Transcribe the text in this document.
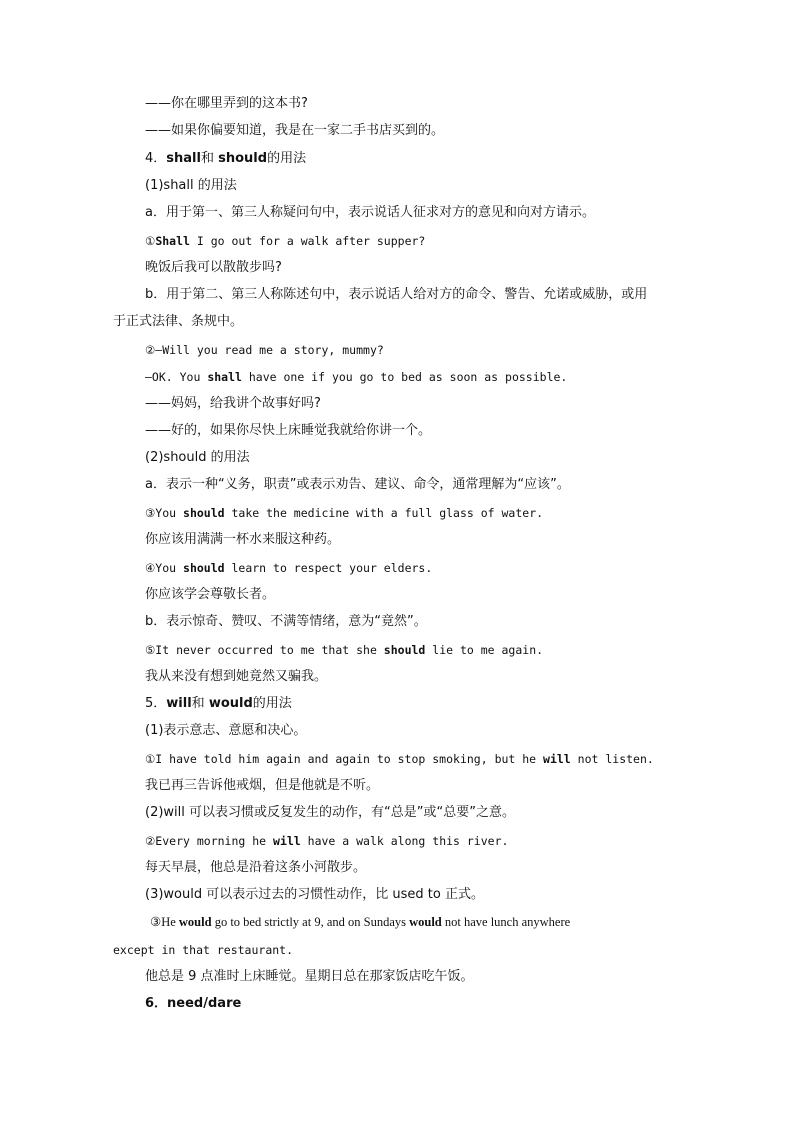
——你在哪里弄到的这本书?
——如果你偏要知道，我是在一家二手书店买到的。
4．shall和 should的用法
(1)shall 的用法
a．用于第一、第三人称疑问句中，表示说话人征求对方的意见和向对方请示。
①Shall I go out for a walk after supper?
晚饭后我可以散散步吗?
b．用于第二、第三人称陈述句中，表示说话人给对方的命令、警告、允诺或威胁，或用
于正式法律、条规中。
②—Will you read me a story, mummy?
—OK. You shall have one if you go to bed as soon as possible.
——妈妈，给我讲个故事好吗?
——好的，如果你尽快上床睡觉我就给你讲一个。
(2)should 的用法
a．表示一种“义务，职责”或表示劝告、建议、命令，通常理解为“应该”。
③You should take the medicine with a full glass of water.
你应该用满满一杯水来服这种药。
④You should learn to respect your elders.
你应该学会尊敬长者。
b．表示惊奇、赞叹、不满等情绪，意为“竟然”。
⑤It never occurred to me that she should lie to me again.
我从来没有想到她竟然又骗我。
5．will和 would的用法
(1)表示意志、意愿和决心。
①I have told him again and again to stop smoking, but he will not listen.
我已再三告诉他戒烟，但是他就是不听。
(2)will 可以表习惯或反复发生的动作，有“总是”或“总要”之意。
②Every morning he will have a walk along this river.
每天早晨，他总是沿着这条小河散步。
(3)would 可以表示过去的习惯性动作，比 used to 正式。
③He would go to bed strictly at 9, and on Sundays would not have lunch anywhere
except in that restaurant.
他总是 9 点准时上床睡觉。星期日总在那家饭店吃午饭。
6．need/dare
